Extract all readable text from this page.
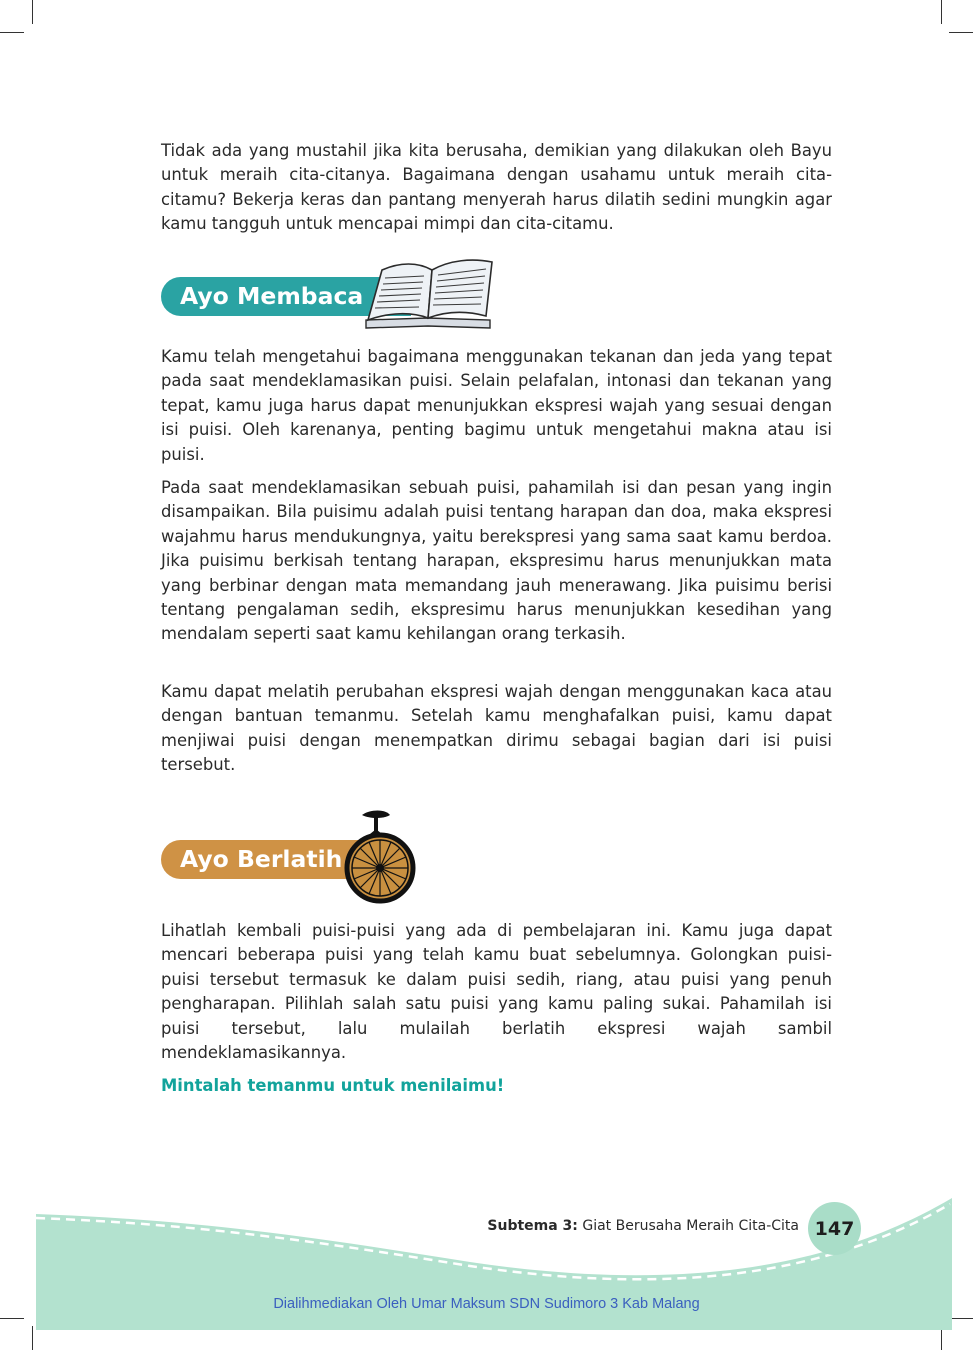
Tidak ada yang mustahil jika kita berusaha, demikian yang dilakukan oleh Bayu untuk meraih cita-citanya. Bagaimana dengan usahamu untuk meraih cita-citamu? Bekerja keras dan pantang menyerah harus dilatih sedini mungkin agar kamu tangguh untuk mencapai mimpi dan cita-citamu.

Ayo Membaca

Kamu telah mengetahui bagaimana menggunakan tekanan dan jeda yang tepat pada saat mendeklamasikan puisi. Selain pelafalan, intonasi dan tekanan yang tepat, kamu juga harus dapat menunjukkan ekspresi wajah yang sesuai dengan isi puisi. Oleh karenanya, penting bagimu untuk mengetahui makna atau isi puisi.

Pada saat mendeklamasikan sebuah puisi, pahamilah isi dan pesan yang ingin disampaikan. Bila puisimu adalah puisi tentang harapan dan doa, maka ekspresi wajahmu harus mendukungnya, yaitu berekspresi yang sama saat kamu berdoa. Jika puisimu berkisah tentang harapan, ekspresimu harus menunjukkan mata yang berbinar dengan mata memandang jauh menerawang. Jika puisimu berisi tentang pengalaman sedih, ekspresimu harus menunjukkan kesedihan yang mendalam seperti saat kamu kehilangan orang terkasih.

Kamu dapat melatih perubahan ekspresi wajah dengan menggunakan kaca atau dengan bantuan temanmu. Setelah kamu menghafalkan puisi, kamu dapat menjiwai puisi dengan menempatkan dirimu sebagai bagian dari isi puisi tersebut.

Ayo Berlatih

Lihatlah kembali puisi-puisi yang ada di pembelajaran ini. Kamu juga dapat mencari beberapa puisi yang telah kamu buat sebelumnya. Golongkan puisi-puisi tersebut termasuk ke dalam puisi sedih, riang, atau puisi yang penuh pengharapan. Pilihlah salah satu puisi yang kamu paling sukai. Pahamilah isi puisi tersebut, lalu mulailah berlatih ekspresi wajah sambil mendeklamasikannya.

Mintalah temanmu untuk menilaimu!
Subtema 3: Giat Berusaha Meraih Cita-Cita 147
Dialihmediakan Oleh Umar Maksum SDN Sudimoro 3 Kab Malang
